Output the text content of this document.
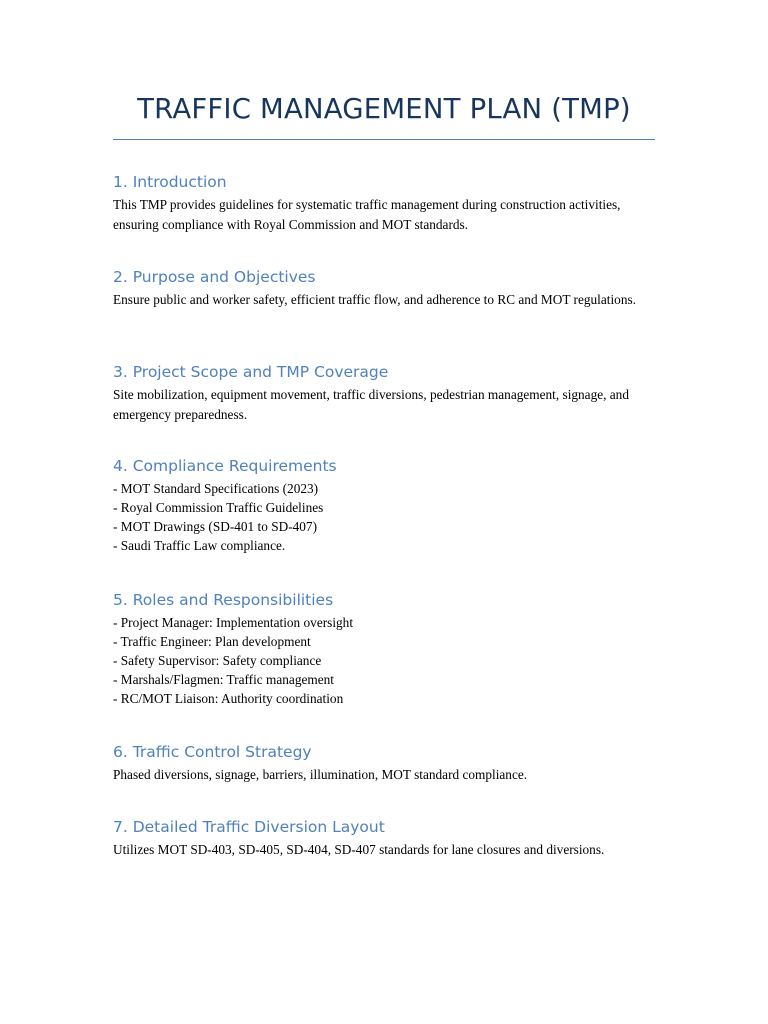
TRAFFIC MANAGEMENT PLAN (TMP)
1. Introduction

This TMP provides guidelines for systematic traffic management during construction activities, ensuring compliance with Royal Commission and MOT standards.

2. Purpose and Objectives

Ensure public and worker safety, efficient traffic flow, and adherence to RC and MOT regulations.

3. Project Scope and TMP Coverage

Site mobilization, equipment movement, traffic diversions, pedestrian management, signage, and emergency preparedness.

4. Compliance Requirements
- MOT Standard Specifications (2023)
- Royal Commission Traffic Guidelines
- MOT Drawings (SD-401 to SD-407)
- Saudi Traffic Law compliance.
5. Roles and Responsibilities
- Project Manager: Implementation oversight
- Traffic Engineer: Plan development
- Safety Supervisor: Safety compliance
- Marshals/Flagmen: Traffic management
- RC/MOT Liaison: Authority coordination
6. Traffic Control Strategy

Phased diversions, signage, barriers, illumination, MOT standard compliance.

7. Detailed Traffic Diversion Layout

Utilizes MOT SD-403, SD-405, SD-404, SD-407 standards for lane closures and diversions.
